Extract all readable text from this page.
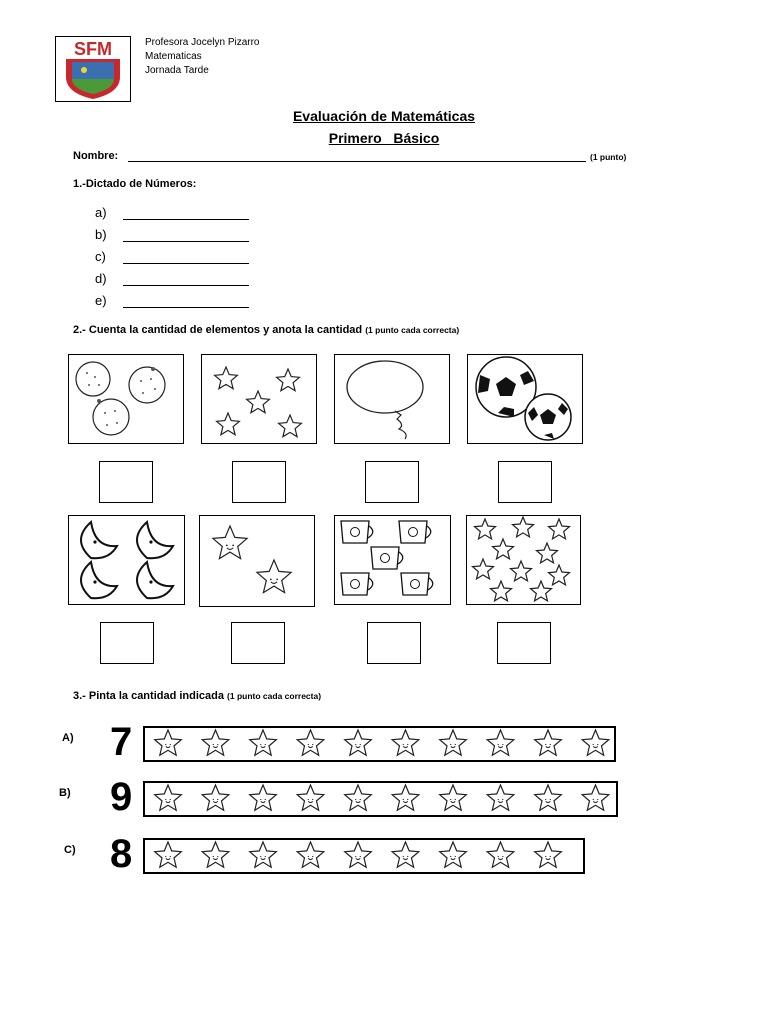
SFM	Profesora Jocelyn Pizarro
Matematicas
Jornada Tarde
Evaluación de Matemáticas
Primero   Básico
Nombre:	(1 punto)
1.-Dictado de Números:
a)
b)
c)
d)
e)
2.- Cuenta la cantidad de elementos y anota la cantidad (1 punto cada correcta)
3.- Pinta la cantidad indicada (1 punto cada correcta)
A) 7
B) 9
C) 8
